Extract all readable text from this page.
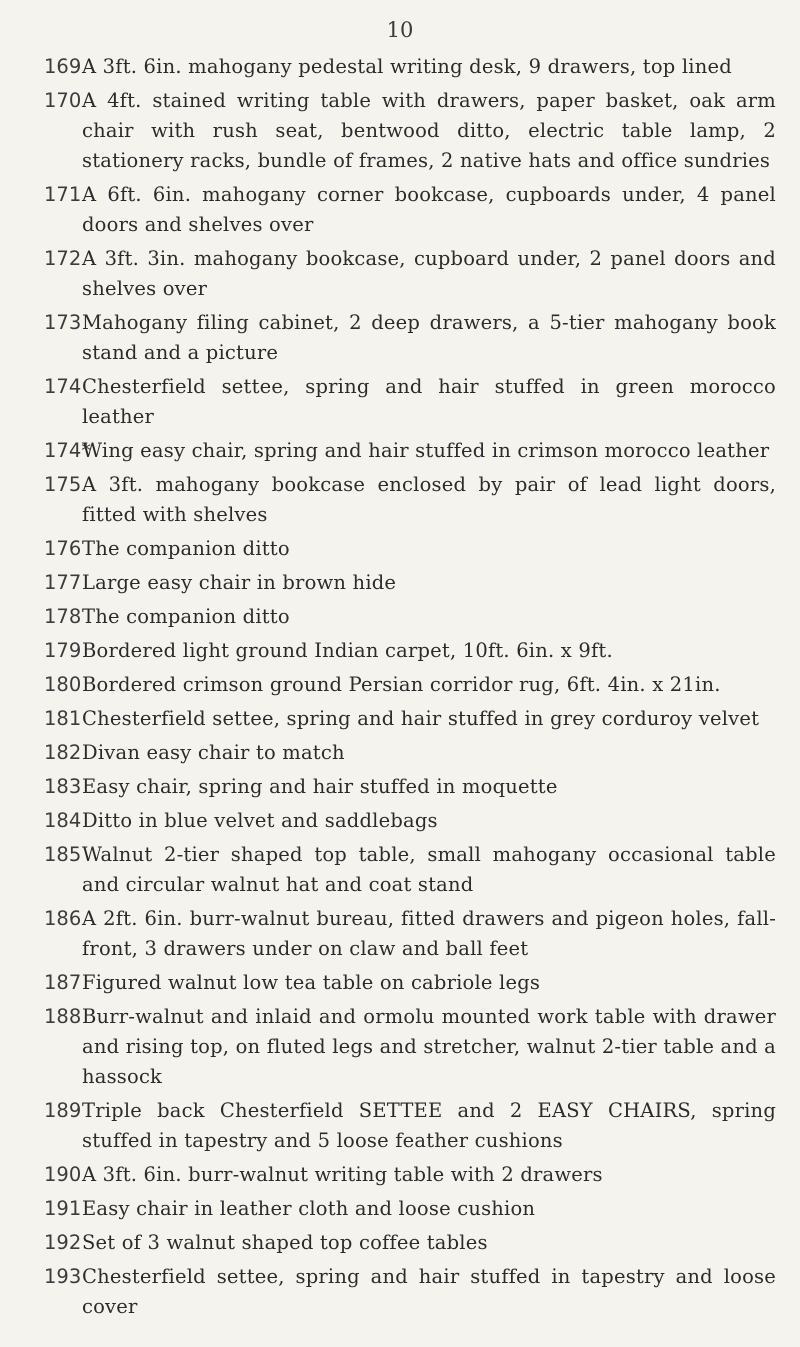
10
169 A 3ft. 6in. mahogany pedestal writing desk, 9 drawers, top lined
170 A 4ft. stained writing table with drawers, paper basket, oak arm chair with rush seat, bentwood ditto, electric table lamp, 2 stationery racks, bundle of frames, 2 native hats and office sundries
171 A 6ft. 6in. mahogany corner bookcase, cupboards under, 4 panel doors and shelves over
172 A 3ft. 3in. mahogany bookcase, cupboard under, 2 panel doors and shelves over
173 Mahogany filing cabinet, 2 deep drawers, a 5-tier mahogany book stand and a picture
174 Chesterfield settee, spring and hair stuffed in green morocco leather
174*
Wing easy chair, spring and hair stuffed in crimson morocco leather
175 A 3ft. mahogany bookcase enclosed by pair of lead light doors, fitted with shelves
176 The companion ditto
177 Large easy chair in brown hide
178 The companion ditto
179 Bordered light ground Indian carpet, 10ft. 6in. x 9ft.
180 Bordered crimson ground Persian corridor rug, 6ft. 4in. x 21in.
181 Chesterfield settee, spring and hair stuffed in grey corduroy velvet
182 Divan easy chair to match
183 Easy chair, spring and hair stuffed in moquette
184 Ditto in blue velvet and saddlebags
185 Walnut 2-tier shaped top table, small mahogany occasional table and circular walnut hat and coat stand
186 A 2ft. 6in. burr-walnut bureau, fitted drawers and pigeon holes, fall-front, 3 drawers under on claw and ball feet
187 Figured walnut low tea table on cabriole legs
188 Burr-walnut and inlaid and ormolu mounted work table with drawer and rising top, on fluted legs and stretcher, walnut 2-tier table and a hassock
189 Triple back Chesterfield SETTEE and 2 EASY CHAIRS, spring stuffed in tapestry and 5 loose feather cushions
190 A 3ft. 6in. burr-walnut writing table with 2 drawers
191 Easy chair in leather cloth and loose cushion
192 Set of 3 walnut shaped top coffee tables
193 Chesterfield settee, spring and hair stuffed in tapestry and loose cover
